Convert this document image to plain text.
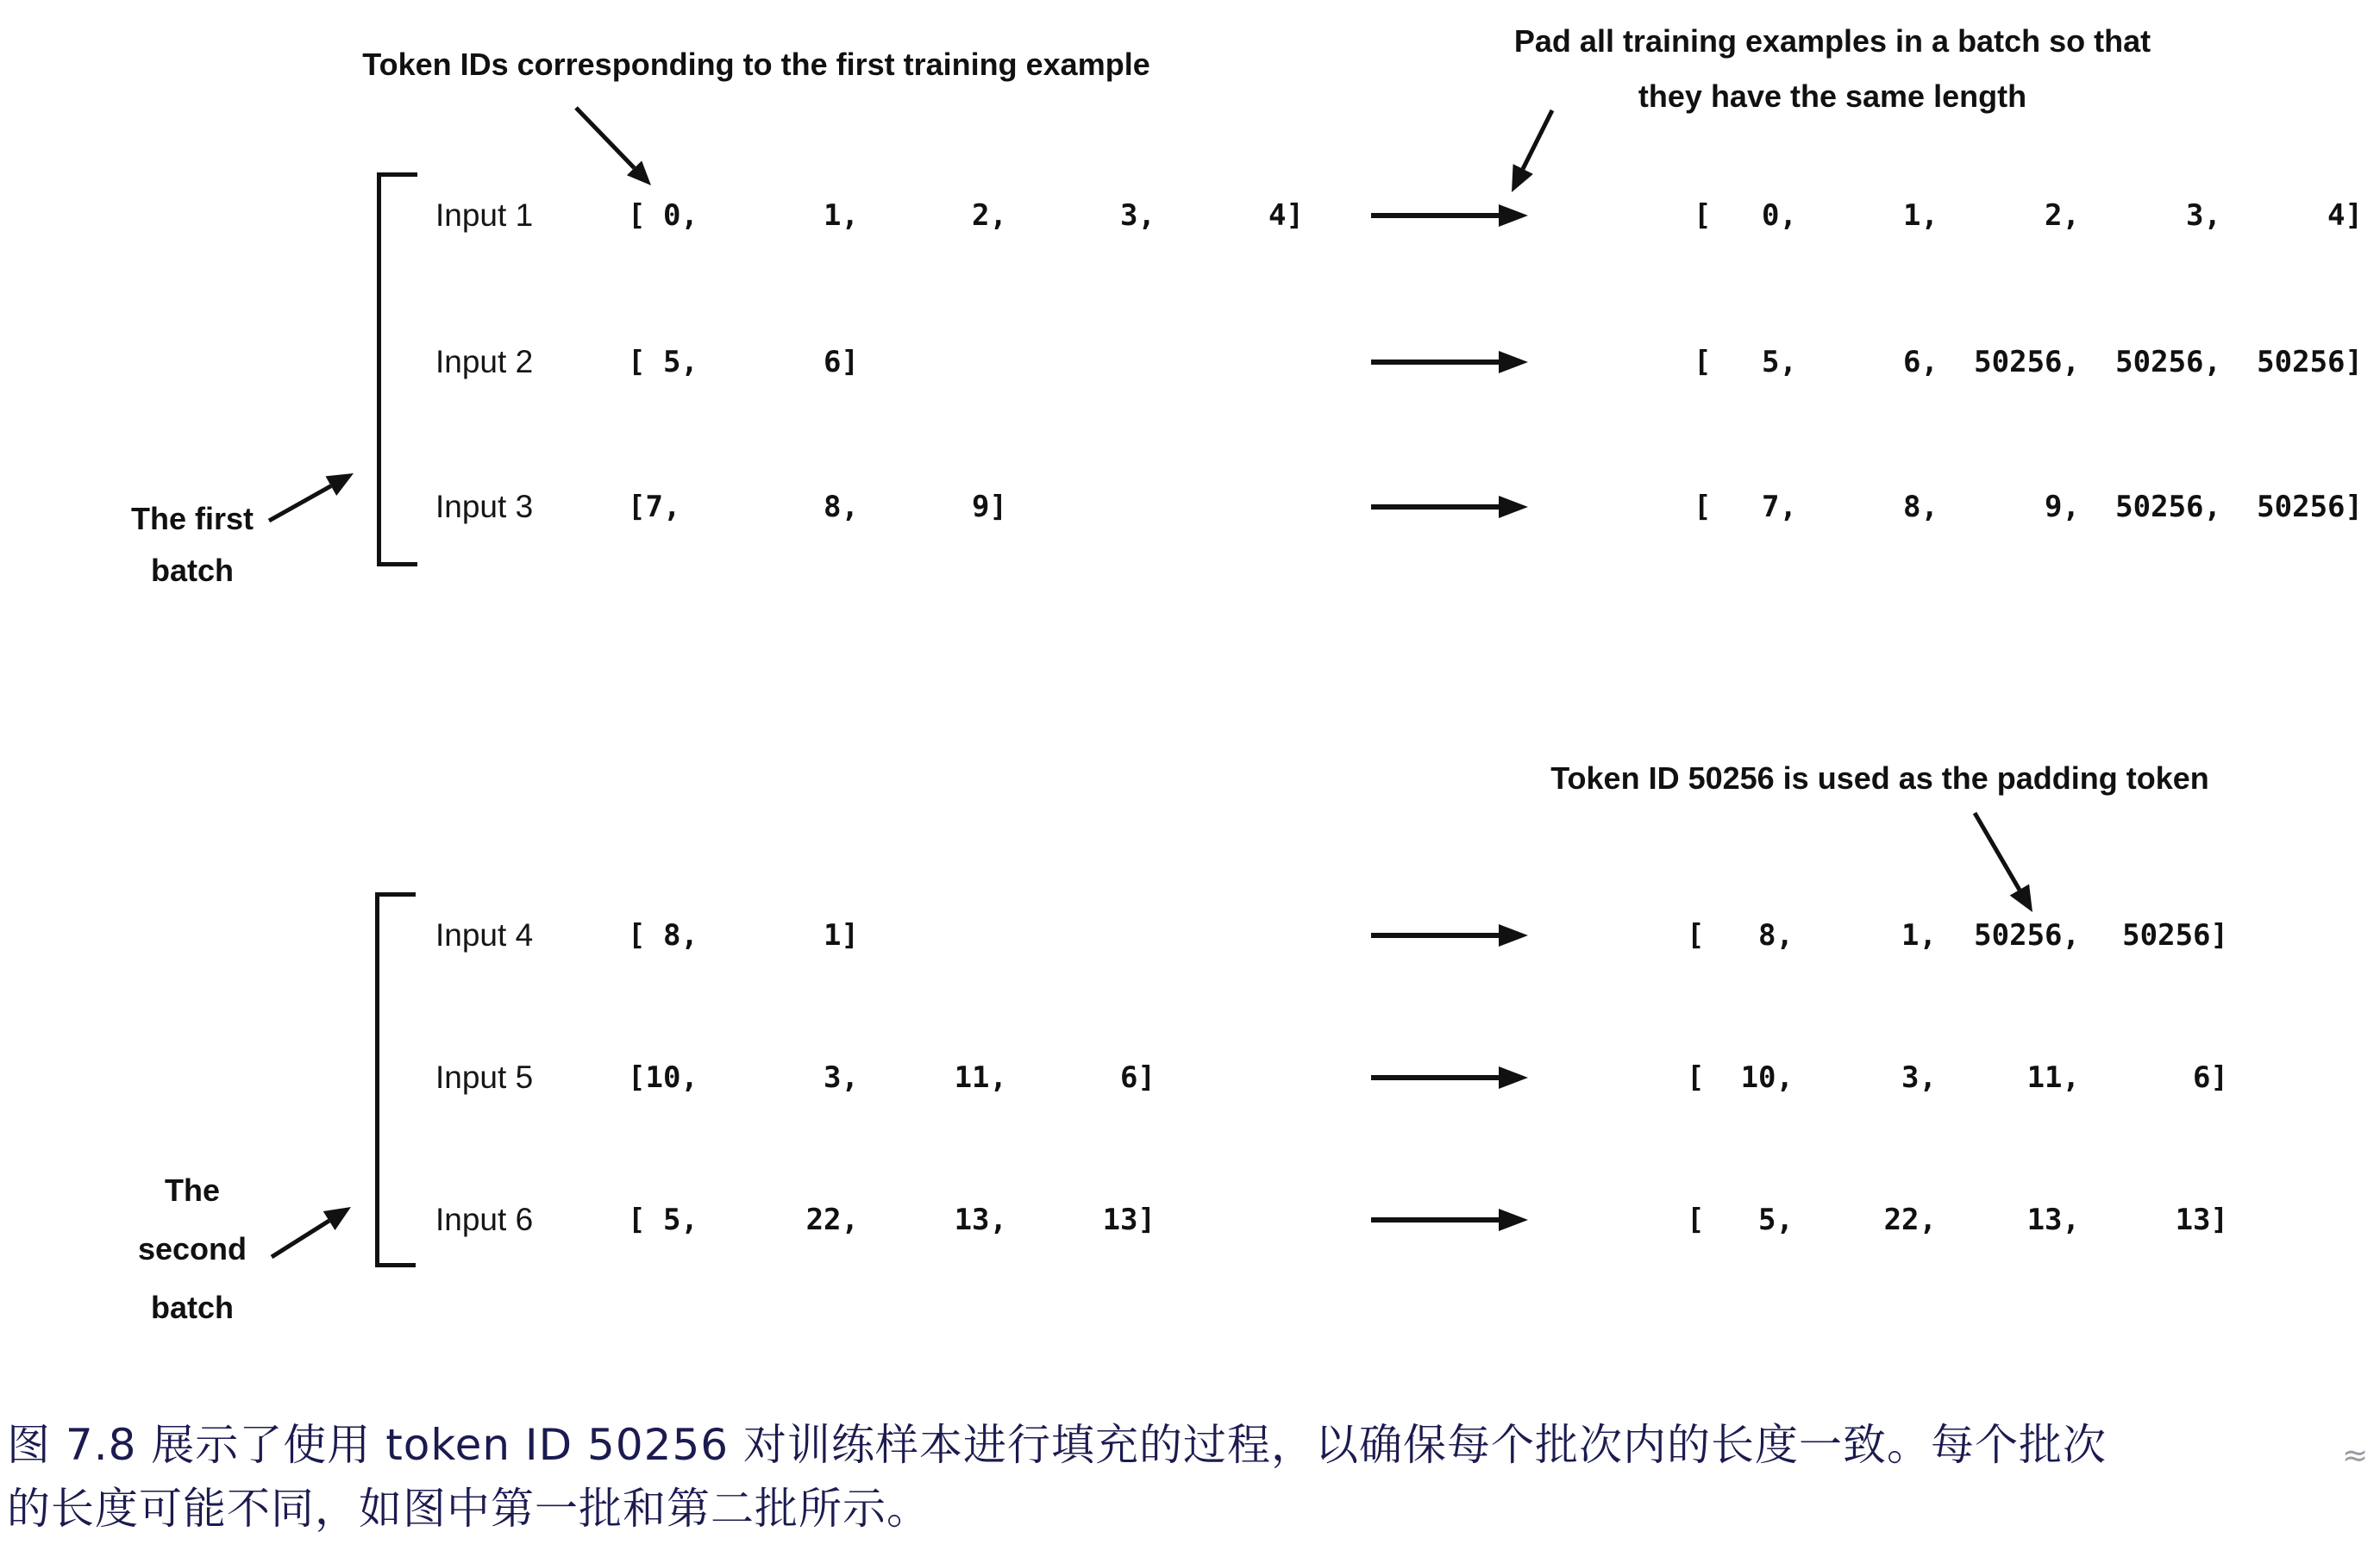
Token IDs corresponding to the first training example
Pad all training examples in a batch so that
they have the same length
Token ID 50256 is used as the padding token
The first
batch
The
second
batch
Input 1	[ 0,	1,	2,	3,	4]	[	0,	1,	2,	3,	4]
Input 2	[ 5,	6]	[	5,	6,	50256,	50256,	50256]
Input 3	[7,	8,	9]	[	7,	8,	9,	50256,	50256]
Input 4	[ 8,	1]	[	8,	1,	50256,	50256]
Input 5	[10,	3,	11,	6]	[	10,	3,	11,	6]
Input 6	[ 5,	22,	13,	13]	[	5,	22,	13,	13]
图 7.8 展示了使用 token ID 50256 对训练样本进行填充的过程，以确保每个批次内的长度一致。每个批次
的长度可能不同，如图中第一批和第二批所示。
≈
